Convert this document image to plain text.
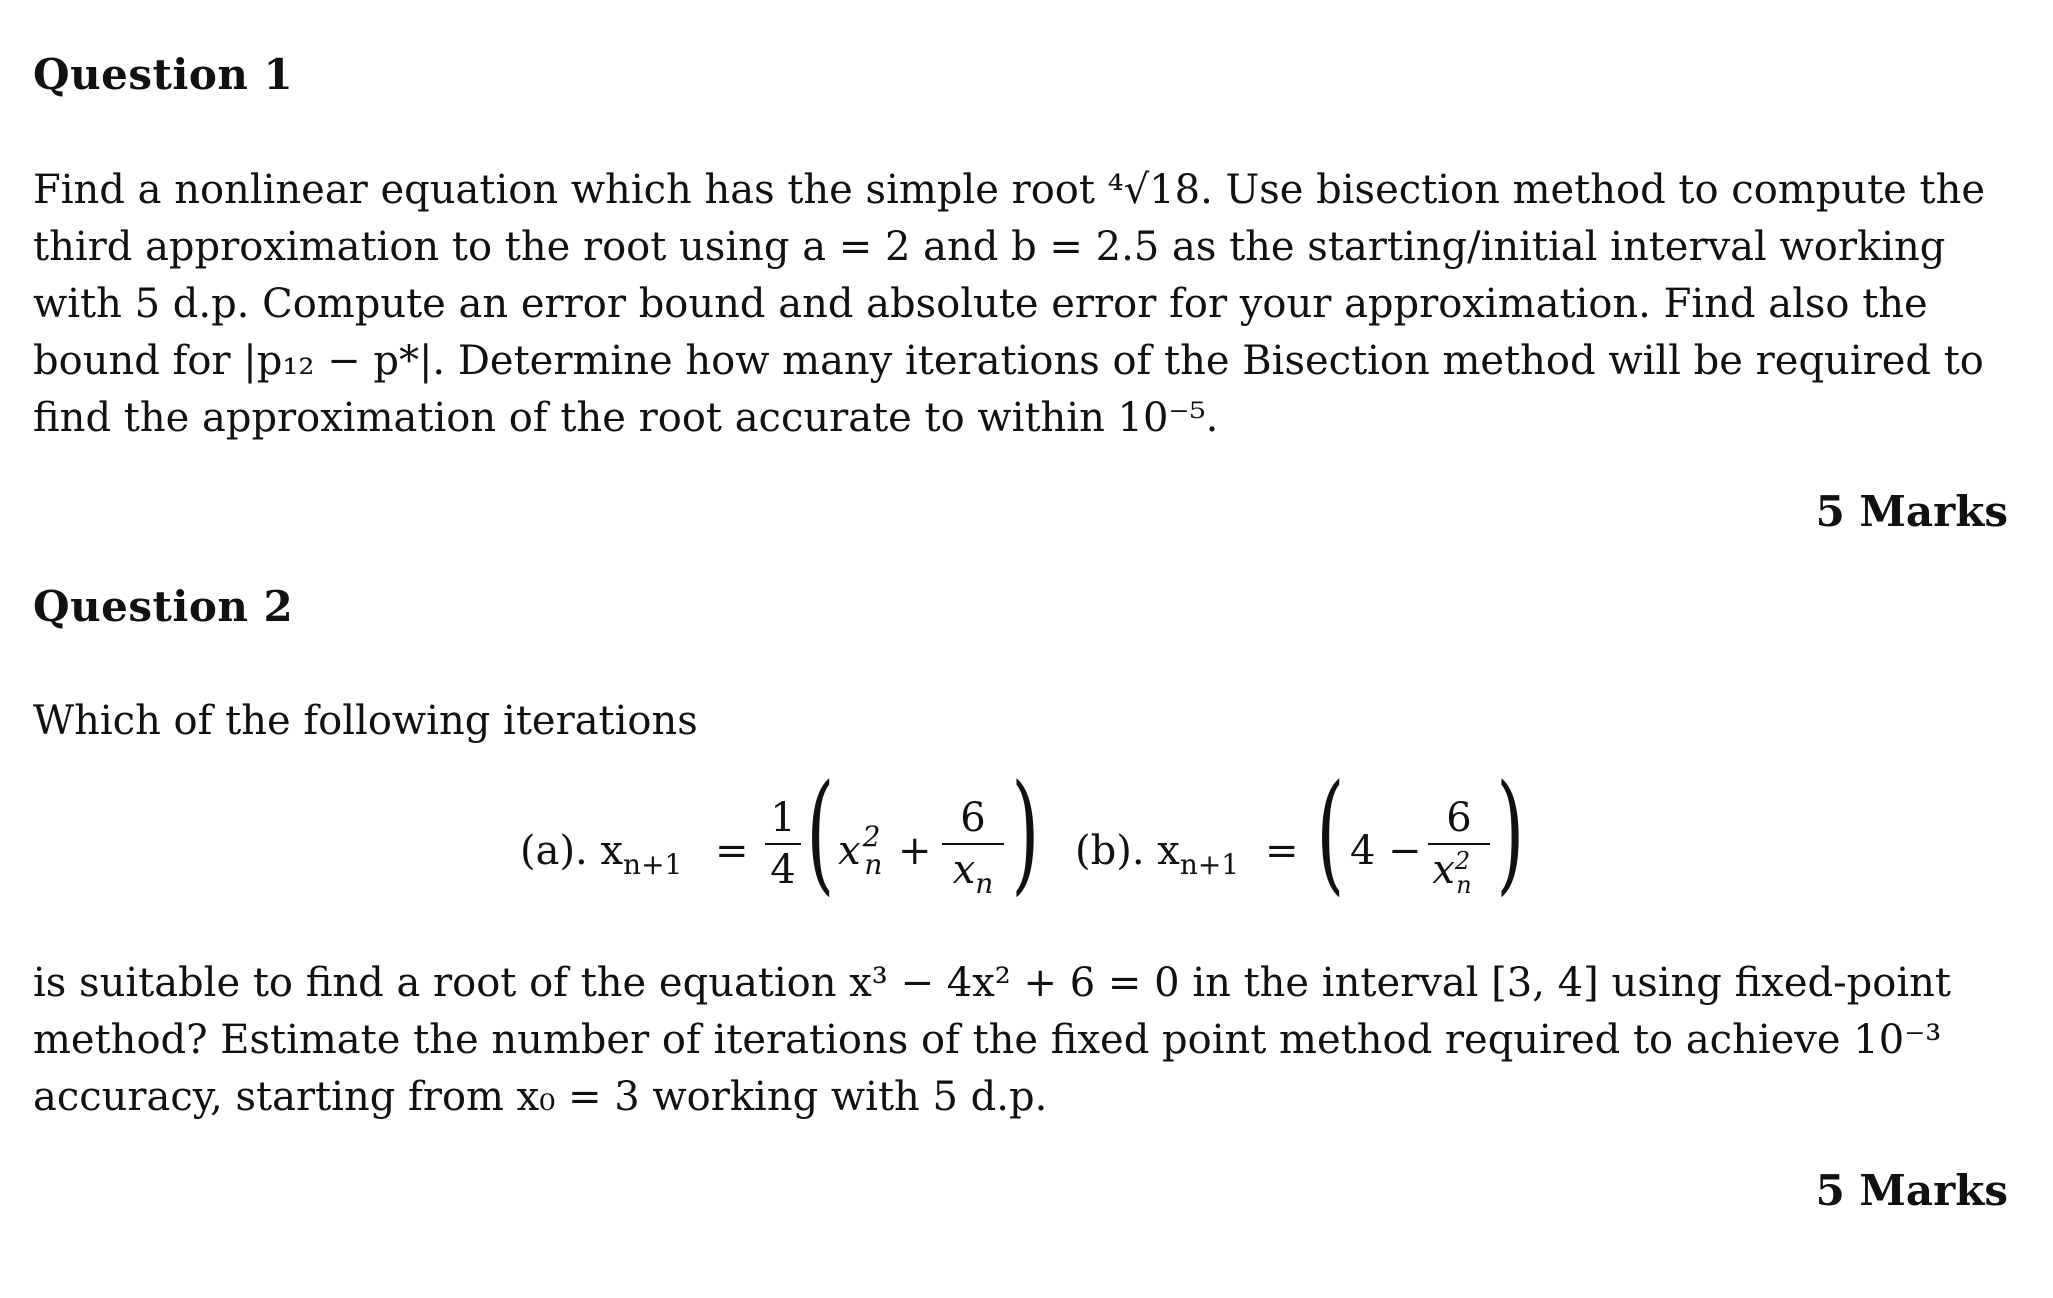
Question 1
Find a nonlinear equation which has the simple root ⁴√18. Use bisection method to compute the
third approximation to the root using a = 2 and b = 2.5 as the starting/initial interval working
with 5 d.p. Compute an error bound and absolute error for your approximation. Find also the
bound for |p₁₂ − p*|. Determine how many iterations of the Bisection method will be required to
find the approximation of the root accurate to within 10⁻⁵.
5 Marks
Question 2
Which of the following iterations
(a). $x_{n+1}$ =
1
4 ( $x^2_n$ +
6
$x_n$ ) (b). $x_{n+1}$ = ( 4 −
6
$x^2_n$ )
is suitable to find a root of the equation x³ − 4x² + 6 = 0 in the interval [3, 4] using fixed-point
method? Estimate the number of iterations of the fixed point method required to achieve 10⁻³
accuracy, starting from x₀ = 3 working with 5 d.p.
5 Marks
